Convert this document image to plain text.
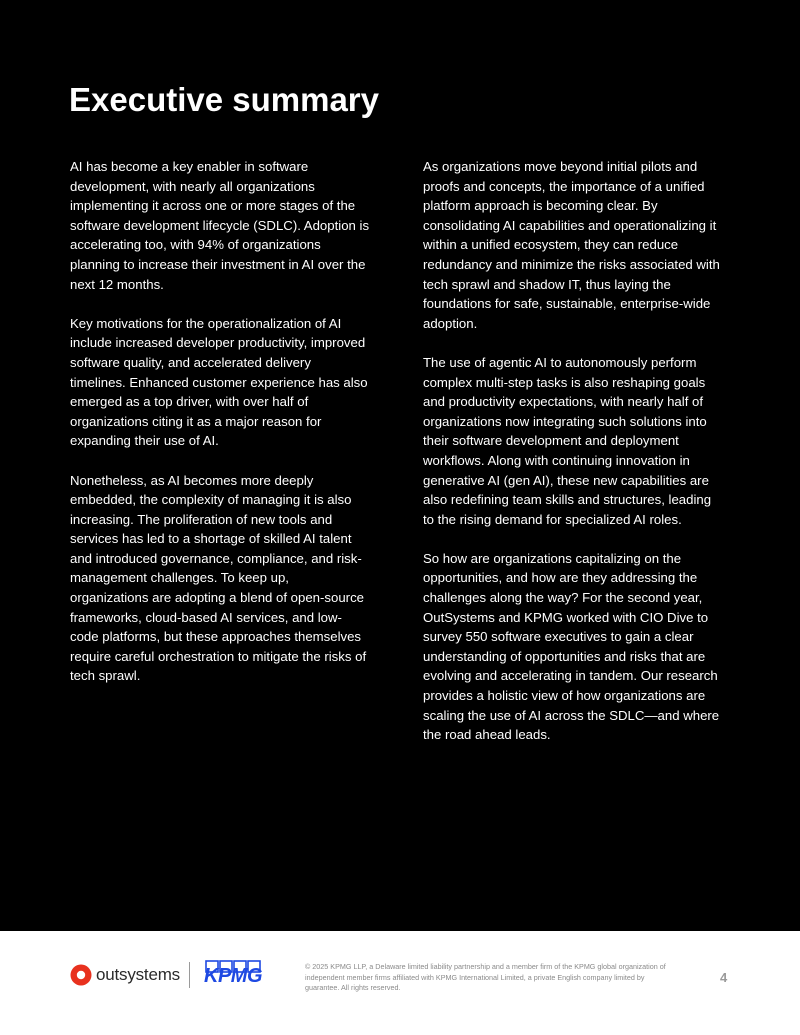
Executive summary

AI has become a key enabler in software development, with nearly all organizations implementing it across one or more stages of the software development lifecycle (SDLC). Adoption is accelerating too, with 94% of organizations planning to increase their investment in AI over the next 12 months.

Key motivations for the operationalization of AI include increased developer productivity, improved software quality, and accelerated delivery timelines. Enhanced customer experience has also emerged as a top driver, with over half of organizations citing it as a major reason for expanding their use of AI.

Nonetheless, as AI becomes more deeply embedded, the complexity of managing it is also increasing. The proliferation of new tools and services has led to a shortage of skilled AI talent and introduced governance, compliance, and risk-management challenges. To keep up, organizations are adopting a blend of open-source frameworks, cloud-based AI services, and low-code platforms, but these approaches themselves require careful orchestration to mitigate the risks of tech sprawl.

As organizations move beyond initial pilots and proofs and concepts, the importance of a unified platform approach is becoming clear. By consolidating AI capabilities and operationalizing it within a unified ecosystem, they can reduce redundancy and minimize the risks associated with tech sprawl and shadow IT, thus laying the foundations for safe, sustainable, enterprise-wide adoption.

The use of agentic AI to autonomously perform complex multi-step tasks is also reshaping goals and productivity expectations, with nearly half of organizations now integrating such solutions into their software development and deployment workflows. Along with continuing innovation in generative AI (gen AI), these new capabilities are also redefining team skills and structures, leading to the rising demand for specialized AI roles.

So how are organizations capitalizing on the opportunities, and how are they addressing the challenges along the way? For the second year, OutSystems and KPMG worked with CIO Dive to survey 550 software executives to gain a clear understanding of opportunities and risks that are evolving and accelerating in tandem. Our research provides a holistic view of how organizations are scaling the use of AI across the SDLC—and where the road ahead leads.

outsystems KPMG	© 2025 KPMG LLP, a Delaware limited liability partnership and a member firm of the KPMG global organization of independent member firms affiliated with KPMG International Limited, a private English company limited by guarantee. All rights reserved.
4
